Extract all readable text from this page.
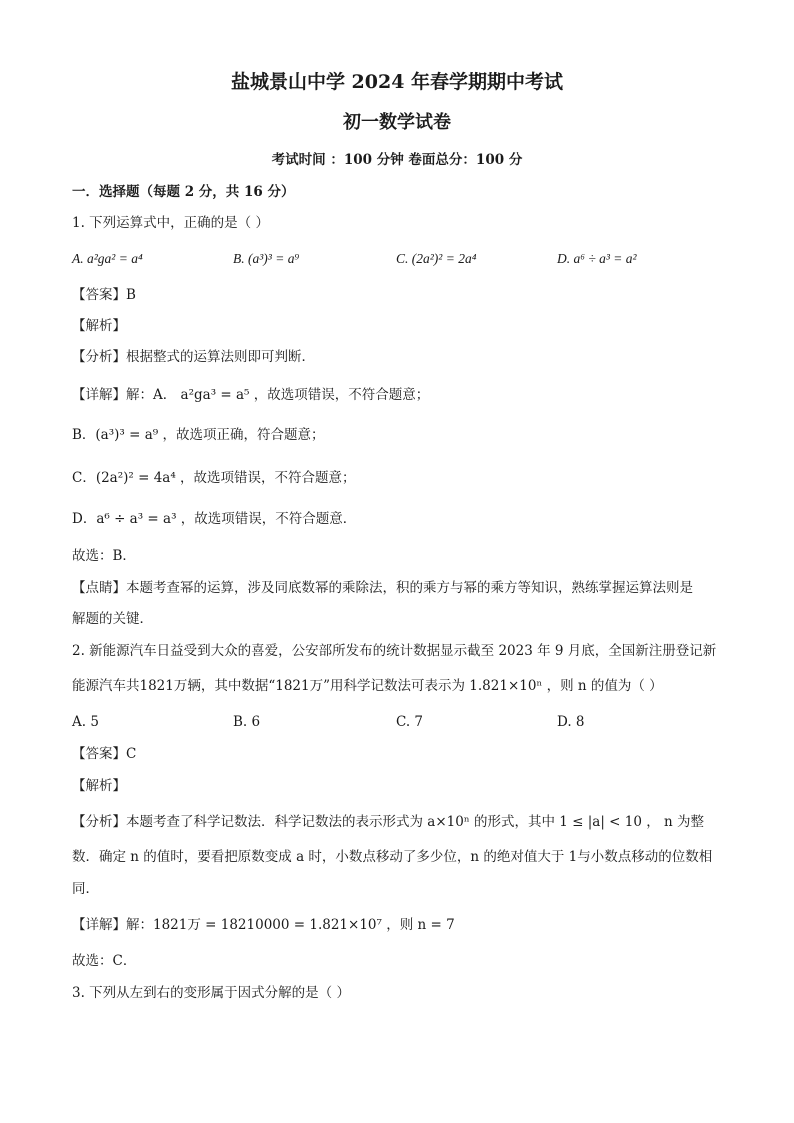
盐城景山中学 2024 年春学期期中考试
初一数学试卷
考试时间 ：100 分钟 卷面总分：100 分
一．选择题（每题 2 分，共 16 分）
1. 下列运算式中，正确的是（ ）
A. a²ga² = a⁴	B. (a³)³ = a⁹	C. (2a²)² = 2a⁴	D. a⁶ ÷ a³ = a²
【答案】B
【解析】
【分析】根据整式的运算法则即可判断．
【详解】解：A． a²ga³ = a⁵ ，故选项错误，不符合题意；
B．(a³)³ = a⁹ ，故选项正确，符合题意；
C．(2a²)² = 4a⁴ ，故选项错误，不符合题意；
D．a⁶ ÷ a³ = a³ ，故选项错误，不符合题意．
故选：B．
【点睛】本题考查幂的运算，涉及同底数幂的乘除法，积的乘方与幂的乘方等知识，熟练掌握运算法则是
解题的关键．
2. 新能源汽车日益受到大众的喜爱，公安部所发布的统计数据显示截至 2023 年 9 月底，全国新注册登记新
能源汽车共1821万辆，其中数据“1821万”用科学记数法可表示为 1.821×10ⁿ ，则 n 的值为（ ）
A. 5	B. 6	C. 7	D. 8
【答案】C
【解析】
【分析】本题考查了科学记数法．科学记数法的表示形式为 a×10ⁿ 的形式，其中 1 ≤ |a| < 10 ， n 为整
数．确定 n 的值时，要看把原数变成 a 时，小数点移动了多少位，n 的绝对值大于 1与小数点移动的位数相
同．
【详解】解：1821万 = 18210000 = 1.821×10⁷ ，则 n = 7
故选：C．
3. 下列从左到右的变形属于因式分解的是（ ）
